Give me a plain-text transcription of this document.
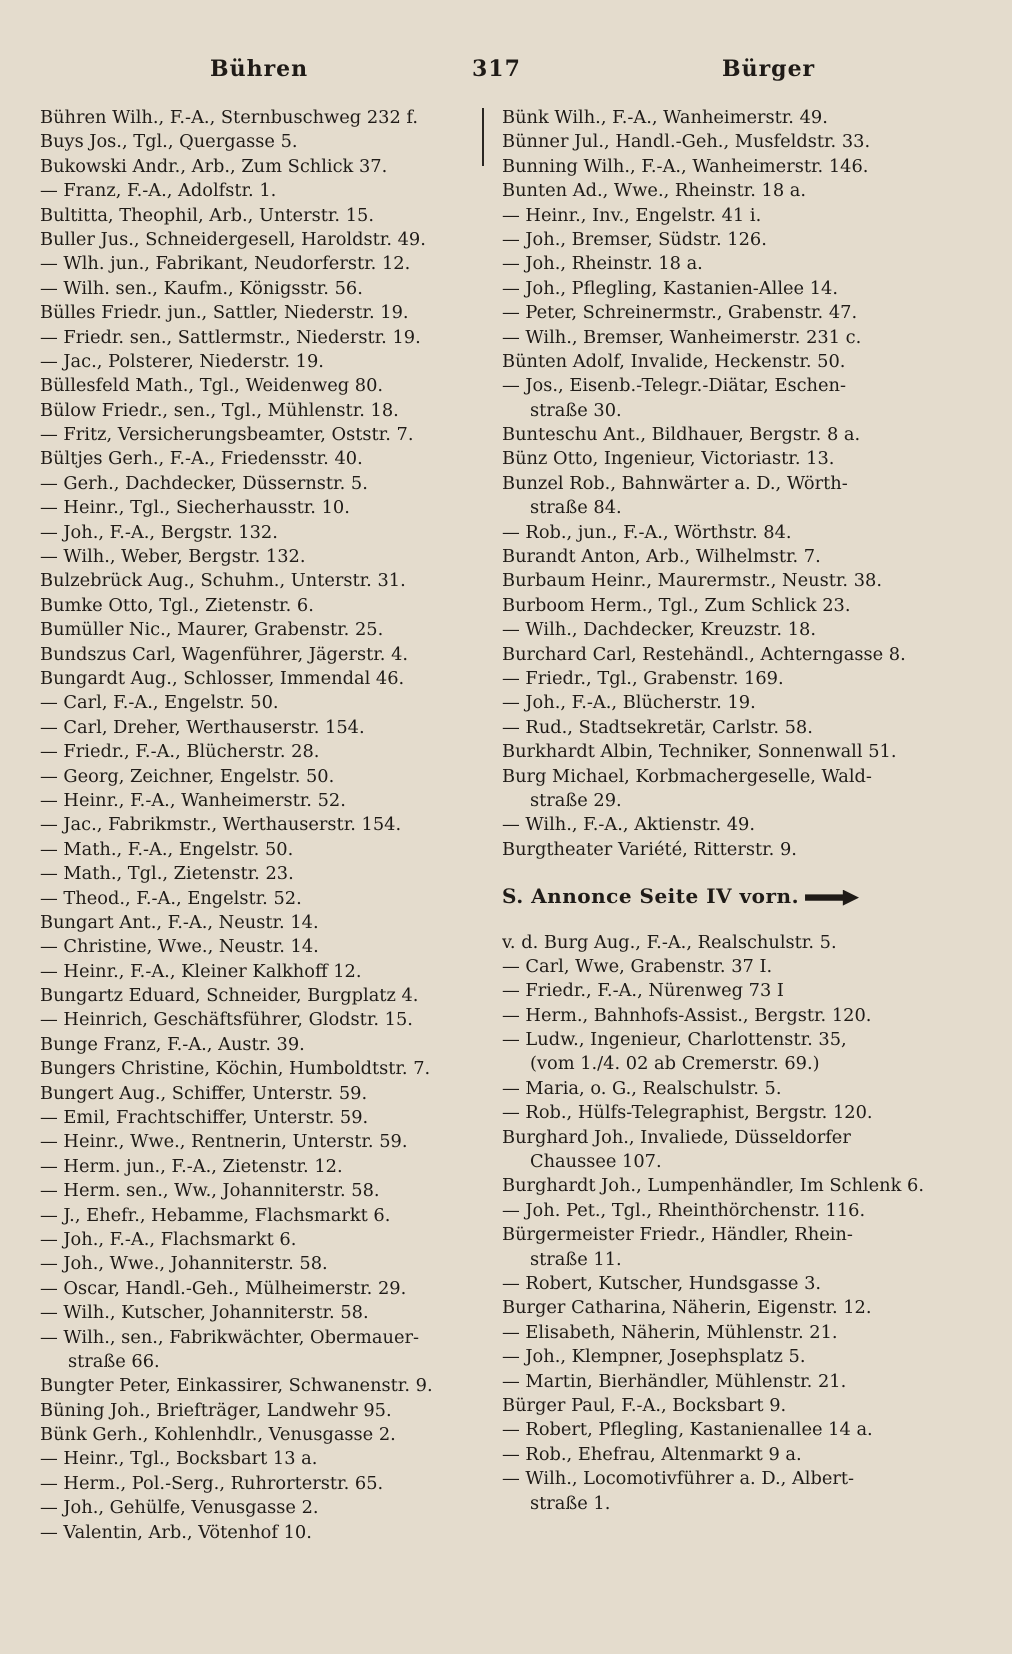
Bühren	317	Bürger
Bühren Wilh., F.-A., Sternbuschweg 232 f.
Buys Jos., Tgl., Quergasse 5.
Bukowski Andr., Arb., Zum Schlick 37.
— Franz, F.-A., Adolfstr. 1.
Bultitta, Theophil, Arb., Unterstr. 15.
Buller Jus., Schneidergesell, Haroldstr. 49.
— Wlh. jun., Fabrikant, Neudorferstr. 12.
— Wilh. sen., Kaufm., Königsstr. 56.
Bülles Friedr. jun., Sattler, Niederstr. 19.
— Friedr. sen., Sattlermstr., Niederstr. 19.
— Jac., Polsterer, Niederstr. 19.
Büllesfeld Math., Tgl., Weidenweg 80.
Bülow Friedr., sen., Tgl., Mühlenstr. 18.
— Fritz, Versicherungsbeamter, Oststr. 7.
Bültjes Gerh., F.-A., Friedensstr. 40.
— Gerh., Dachdecker, Düssernstr. 5.
— Heinr., Tgl., Siecherhausstr. 10.
— Joh., F.-A., Bergstr. 132.
— Wilh., Weber, Bergstr. 132.
Bulzebrück Aug., Schuhm., Unterstr. 31.
Bumke Otto, Tgl., Zietenstr. 6.
Bumüller Nic., Maurer, Grabenstr. 25.
Bundszus Carl, Wagenführer, Jägerstr. 4.
Bungardt Aug., Schlosser, Immendal 46.
— Carl, F.-A., Engelstr. 50.
— Carl, Dreher, Werthauserstr. 154.
— Friedr., F.-A., Blücherstr. 28.
— Georg, Zeichner, Engelstr. 50.
— Heinr., F.-A., Wanheimerstr. 52.
— Jac., Fabrikmstr., Werthauserstr. 154.
— Math., F.-A., Engelstr. 50.
— Math., Tgl., Zietenstr. 23.
— Theod., F.-A., Engelstr. 52.
Bungart Ant., F.-A., Neustr. 14.
— Christine, Wwe., Neustr. 14.
— Heinr., F.-A., Kleiner Kalkhoff 12.
Bungartz Eduard, Schneider, Burgplatz 4.
— Heinrich, Geschäftsführer, Glodstr. 15.
Bunge Franz, F.-A., Austr. 39.
Bungers Christine, Köchin, Humboldtstr. 7.
Bungert Aug., Schiffer, Unterstr. 59.
— Emil, Frachtschiffer, Unterstr. 59.
— Heinr., Wwe., Rentnerin, Unterstr. 59.
— Herm. jun., F.-A., Zietenstr. 12.
— Herm. sen., Ww., Johanniterstr. 58.
— J., Ehefr., Hebamme, Flachsmarkt 6.
— Joh., F.-A., Flachsmarkt 6.
— Joh., Wwe., Johanniterstr. 58.
— Oscar, Handl.-Geh., Mülheimerstr. 29.
— Wilh., Kutscher, Johanniterstr. 58.
— Wilh., sen., Fabrikwächter, Obermauer-
straße 66.
Bungter Peter, Einkassirer, Schwanenstr. 9.
Büning Joh., Briefträger, Landwehr 95.
Bünk Gerh., Kohlenhdlr., Venusgasse 2.
— Heinr., Tgl., Bocksbart 13 a.
— Herm., Pol.-Serg., Ruhrorterstr. 65.
— Joh., Gehülfe, Venusgasse 2.
— Valentin, Arb., Vötenhof 10.
Bünk Wilh., F.-A., Wanheimerstr. 49.
Bünner Jul., Handl.-Geh., Musfeldstr. 33.
Bunning Wilh., F.-A., Wanheimerstr. 146.
Bunten Ad., Wwe., Rheinstr. 18 a.
— Heinr., Inv., Engelstr. 41 i.
— Joh., Bremser, Südstr. 126.
— Joh., Rheinstr. 18 a.
— Joh., Pflegling, Kastanien-Allee 14.
— Peter, Schreinermstr., Grabenstr. 47.
— Wilh., Bremser, Wanheimerstr. 231 c.
Bünten Adolf, Invalide, Heckenstr. 50.
— Jos., Eisenb.-Telegr.-Diätar, Eschen-
straße 30.
Bunteschu Ant., Bildhauer, Bergstr. 8 a.
Bünz Otto, Ingenieur, Victoriastr. 13.
Bunzel Rob., Bahnwärter a. D., Wörth-
straße 84.
— Rob., jun., F.-A., Wörthstr. 84.
Burandt Anton, Arb., Wilhelmstr. 7.
Burbaum Heinr., Maurermstr., Neustr. 38.
Burboom Herm., Tgl., Zum Schlick 23.
— Wilh., Dachdecker, Kreuzstr. 18.
Burchard Carl, Restehändl., Achterngasse 8.
— Friedr., Tgl., Grabenstr. 169.
— Joh., F.-A., Blücherstr. 19.
— Rud., Stadtsekretär, Carlstr. 58.
Burkhardt Albin, Techniker, Sonnenwall 51.
Burg Michael, Korbmachergeselle, Wald-
straße 29.
— Wilh., F.-A., Aktienstr. 49.
Burgtheater Variété, Ritterstr. 9.
S. Annonce Seite IV vorn.
v. d. Burg Aug., F.-A., Realschulstr. 5.
— Carl, Wwe, Grabenstr. 37 I.
— Friedr., F.-A., Nürenweg 73 I
— Herm., Bahnhofs-Assist., Bergstr. 120.
— Ludw., Ingenieur, Charlottenstr. 35,
(vom 1./4. 02 ab Cremerstr. 69.)
— Maria, o. G., Realschulstr. 5.
— Rob., Hülfs-Telegraphist, Bergstr. 120.
Burghard Joh., Invaliede, Düsseldorfer
Chaussee 107.
Burghardt Joh., Lumpenhändler, Im Schlenk 6.
— Joh. Pet., Tgl., Rheinthörchenstr. 116.
Bürgermeister Friedr., Händler, Rhein-
straße 11.
— Robert, Kutscher, Hundsgasse 3.
Burger Catharina, Näherin, Eigenstr. 12.
— Elisabeth, Näherin, Mühlenstr. 21.
— Joh., Klempner, Josephsplatz 5.
— Martin, Bierhändler, Mühlenstr. 21.
Bürger Paul, F.-A., Bocksbart 9.
— Robert, Pflegling, Kastanienallee 14 a.
— Rob., Ehefrau, Altenmarkt 9 a.
— Wilh., Locomotivführer a. D., Albert-
straße 1.
